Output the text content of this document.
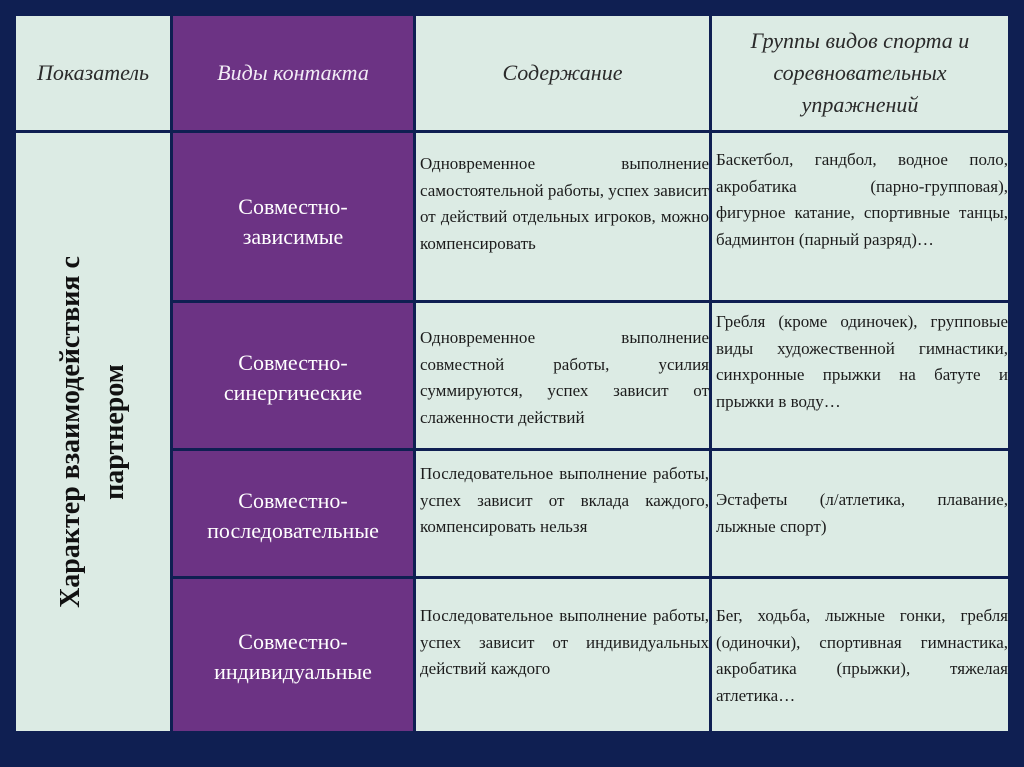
Показатель	Виды контакта	Содержание
Группы видов спорта и соревновательных упражнений
Характер взаимодействия с партнером
Совместно-зависимые
Одновременное выполнение самостоятельной работы, успех зависит от действий отдельных игроков, можно компенсировать
Баскетбол, гандбол, водное поло, акробатика (парно-групповая), фигурное катание, спортивные танцы, бадминтон (парный разряд)…
Совместно-синергические
Одновременное выполнение совместной работы, усилия суммируются, успех зависит от слаженности действий
Гребля (кроме одиночек), групповые виды художественной гимнастики, синхронные прыжки на батуте и прыжки в воду…
Совместно-последовательные
Последовательное выполнение работы, успех зависит от вклада каждого, компенсировать нельзя
Эстафеты (л/атлетика, плавание, лыжные спорт)
Совместно-индивидуальные
Последовательное выполнение работы, успех зависит от индивидуальных действий каждого
Бег, ходьба, лыжные гонки, гребля (одиночки), спортивная гимнастика, акробатика (прыжки), тяжелая атлетика…
